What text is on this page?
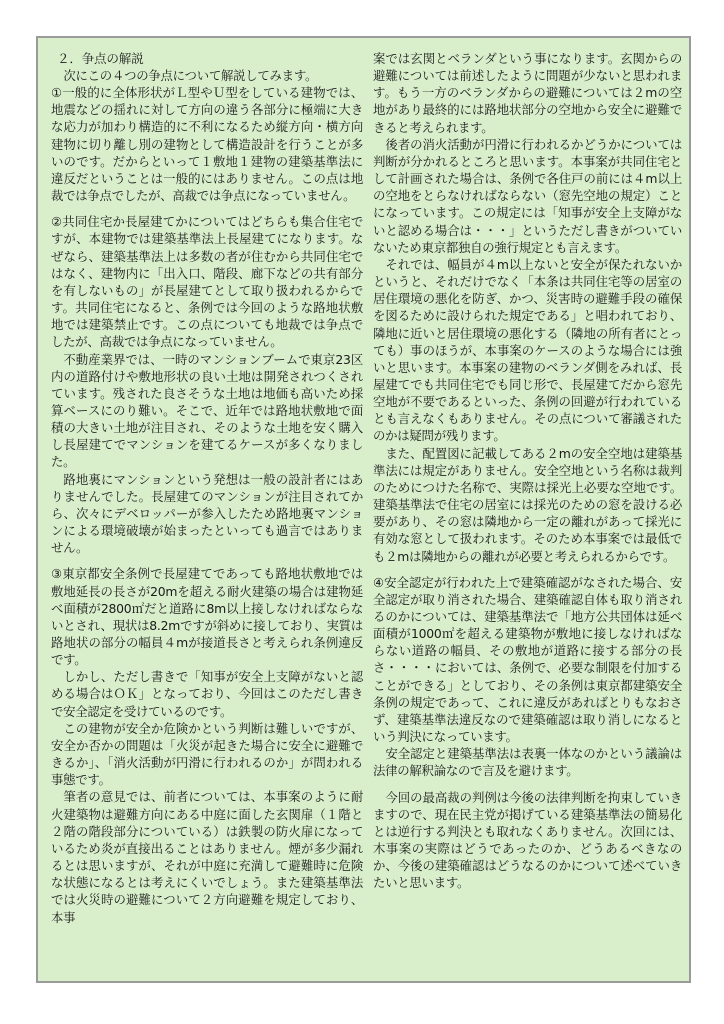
２．争点の解説

次にこの４つの争点について解説してみます。

①一般的に全体形状がＬ型やＵ型をしている建物では、地震などの揺れに対して方向の違う各部分に極端に大きな応力が加わり構造的に不利になるため縦方向・横方向建物に切り離し別の建物として構造設計を行うことが多いのです。だからといって１敷地１建物の建築基準法に違反だということは一般的にはありません。この点は地裁では争点でしたが、高裁では争点になっていません。

②共同住宅か長屋建てかについてはどちらも集合住宅ですが、本建物では建築基準法上長屋建てになります。なぜなら、建築基準法上は多数の者が住むから共同住宅ではなく、建物内に「出入口、階段、廊下などの共有部分を有しないもの」が長屋建てとして取り扱われるからです。共同住宅になると、条例では今回のような路地状敷地では建築禁止です。この点についても地裁では争点でしたが、高裁では争点になっていません。

不動産業界では、一時のマンションブームで東京23区内の道路付けや敷地形状の良い土地は開発されつくされています。残された良さそうな土地は地価も高いため採算ベースにのり難い。そこで、近年では路地状敷地で面積の大きい土地が注目され、そのような土地を安く購入し長屋建てでマンションを建てるケースが多くなりました。

路地裏にマンションという発想は一般の設計者にはありませんでした。長屋建てのマンションが注目されてから、次々にデベロッパーが参入したため路地裏マンションによる環境破壊が始まったといっても過言ではありません。

③東京都安全条例で長屋建てであっても路地状敷地では敷地延長の長さが20mを超える耐火建築の場合は建物延べ面積が2800㎡だと道路に8m以上接しなければならないとされ、現状は8.2mですが斜めに接しており、実質は路地状の部分の幅員４mが接道長さと考えられ条例違反です。

しかし、ただし書きで「知事が安全上支障がないと認める場合はＯＫ」となっており、今回はこのただし書きで安全認定を受けているのです。

この建物が安全か危険かという判断は難しいですが、安全か否かの問題は「火災が起きた場合に安全に避難できるか」、「消火活動が円滑に行われるのか」が問われる事態です。

筆者の意見では、前者については、本事案のように耐火建築物は避難方向にある中庭に面した玄関扉（１階と２階の階段部分についている）は鉄製の防火扉になっているため炎が直接出ることはありません。煙が多少漏れるとは思いますが、それが中庭に充満して避難時に危険な状態になるとは考えにくいでしょう。また建築基準法では火災時の避難について２方向避難を規定しており、本事

案では玄関とベランダという事になります。玄関からの避難については前述したように問題が少ないと思われます。もう一方のベランダからの避難については２mの空地があり最終的には路地状部分の空地から安全に避難できると考えられます。

後者の消火活動が円滑に行われるかどうかについては判断が分かれるところと思います。本事案が共同住宅として計画された場合は、条例で各住戸の前には４m以上の空地をとらなければならない（窓先空地の規定）ことになっています。この規定には「知事が安全上支障がないと認める場合は・・・」というただし書きがついていないため東京都独自の強行規定とも言えます。

それでは、幅員が４m以上ないと安全が保たれないかというと、それだけでなく「本条は共同住宅等の居室の居住環境の悪化を防ぎ、かつ、災害時の避難手段の確保を図るために設けられた規定である」と唱われており、隣地に近いと居住環境の悪化する（隣地の所有者にとっても）事のほうが、本事案のケースのような場合には強いと思います。本事案の建物のベランダ側をみれば、長屋建てでも共同住宅でも同じ形で、長屋建てだから窓先空地が不要であるといった、条例の回避が行われているとも言えなくもありません。その点について審議されたのかは疑問が残ります。

また、配置図に記載してある２mの安全空地は建築基準法には規定がありません。安全空地という名称は裁判のためにつけた名称で、実際は採光上必要な空地です。建築基準法で住宅の居室には採光のための窓を設ける必要があり、その窓は隣地から一定の離れがあって採光に有効な窓として扱われます。そのため本事案では最低でも２mは隣地からの離れが必要と考えられるからです。

④安全認定が行われた上で建築確認がなされた場合、安全認定が取り消された場合、建築確認自体も取り消されるのかについては、建築基準法で「地方公共団体は延べ面積が1000㎡を超える建築物が敷地に接しなければならない道路の幅員、その敷地が道路に接する部分の長さ・・・・においては、条例で、必要な制限を付加することができる」としており、その条例は東京都建築安全条例の規定であって、これに違反があればとりもなおさず、建築基準法違反なので建築確認は取り消しになるという判決になっています。

安全認定と建築基準法は表裏一体なのかという議論は法律の解釈論なので言及を避けます。

今回の最高裁の判例は今後の法律判断を拘束していきますので、現在民主党が掲げている建築基準法の簡易化とは逆行する判決とも取れなくありません。次回には、木事案の実際はどうであったのか、どうあるべきなのか、今後の建築確認はどうなるのかについて述べていきたいと思います。
